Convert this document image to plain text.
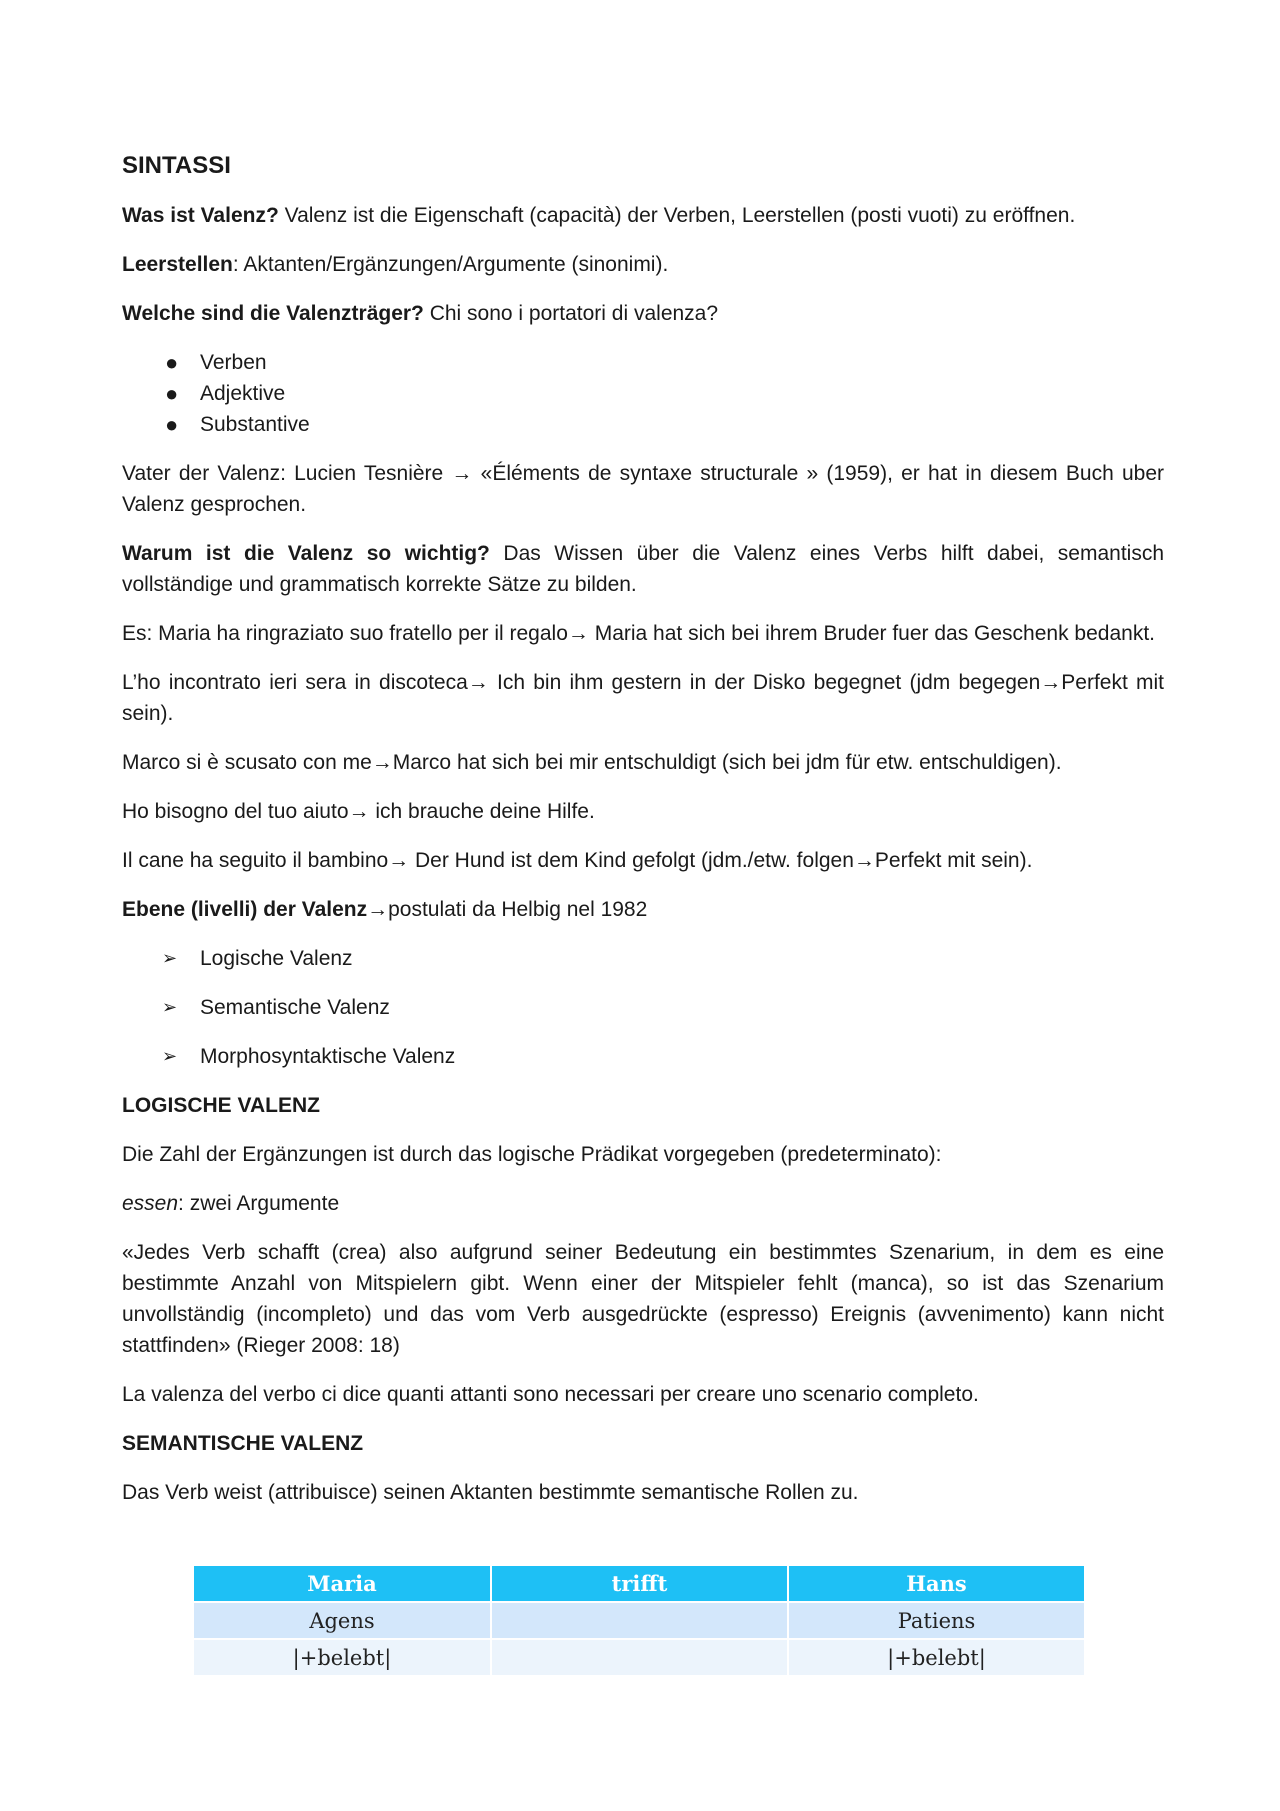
SINTASSI

Was ist Valenz? Valenz ist die Eigenschaft (capacità) der Verben, Leerstellen (posti vuoti) zu eröffnen.

Leerstellen: Aktanten/Ergänzungen/Argumente (sinonimi).

Welche sind die Valenzträger? Chi sono i portatori di valenza?

● Verben
● Adjektive
● Substantive

Vater der Valenz: Lucien Tesnière → «Éléments de syntaxe structurale » (1959), er hat in diesem Buch uber Valenz gesprochen.

Warum ist die Valenz so wichtig? Das Wissen über die Valenz eines Verbs hilft dabei, semantisch vollständige und grammatisch korrekte Sätze zu bilden.

Es: Maria ha ringraziato suo fratello per il regalo→ Maria hat sich bei ihrem Bruder fuer das Geschenk bedankt.

L’ho incontrato ieri sera in discoteca→ Ich bin ihm gestern in der Disko begegnet (jdm begegen→Perfekt mit sein).

Marco si è scusato con me→Marco hat sich bei mir entschuldigt (sich bei jdm für etw. entschuldigen).

Ho bisogno del tuo aiuto→ ich brauche deine Hilfe.

Il cane ha seguito il bambino→ Der Hund ist dem Kind gefolgt (jdm./etw. folgen→Perfekt mit sein).

Ebene (livelli) der Valenz→postulati da Helbig nel 1982

➢ Logische Valenz
➢ Semantische Valenz
➢ Morphosyntaktische Valenz
LOGISCHE VALENZ

Die Zahl der Ergänzungen ist durch das logische Prädikat vorgegeben (predeterminato):

essen: zwei Argumente

«Jedes Verb schafft (crea) also aufgrund seiner Bedeutung ein bestimmtes Szenarium, in dem es eine bestimmte Anzahl von Mitspielern gibt. Wenn einer der Mitspieler fehlt (manca), so ist das Szenarium unvollständig (incompleto) und das vom Verb ausgedrückte (espresso) Ereignis (avvenimento) kann nicht stattfinden» (Rieger 2008: 18)

La valenza del verbo ci dice quanti attanti sono necessari per creare uno scenario completo.

SEMANTISCHE VALENZ

Das Verb weist (attribuisce) seinen Aktanten bestimmte semantische Rollen zu.

Maria	trifft	Hans
Agens		Patiens
|+belebt|		|+belebt|
